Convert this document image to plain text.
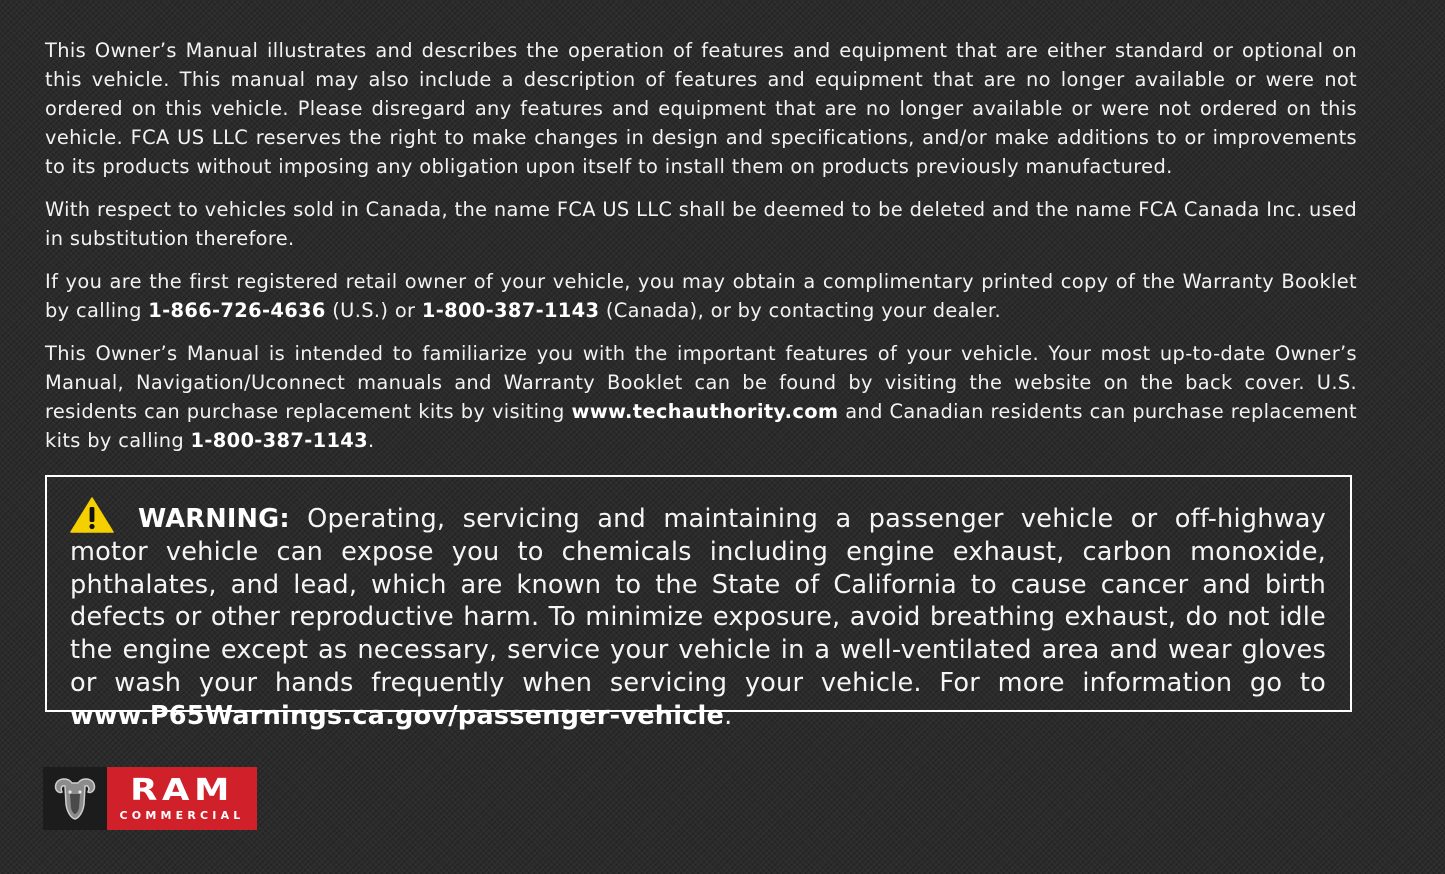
This Owner’s Manual illustrates and describes the operation of features and equipment that are either standard or optional on this vehicle. This manual may also include a description of features and equipment that are no longer available or were not ordered on this vehicle. Please disregard any features and equipment that are no longer available or were not ordered on this vehicle. FCA US LLC reserves the right to make changes in design and specifications, and/or make additions to or improvements to its products without imposing any obligation upon itself to install them on products previously manufactured.

With respect to vehicles sold in Canada, the name FCA US LLC shall be deemed to be deleted and the name FCA Canada Inc. used in substitution therefore.

If you are the first registered retail owner of your vehicle, you may obtain a complimentary printed copy of the Warranty Booklet by calling 1-866-726-4636 (U.S.) or 1-800-387-1143 (Canada), or by contacting your dealer.

This Owner’s Manual is intended to familiarize you with the important features of your vehicle. Your most up-to-date Owner’s Manual, Navigation/Uconnect manuals and Warranty Booklet can be found by visiting the website on the back cover. U.S. residents can purchase replacement kits by visiting www.techauthority.com and Canadian residents can purchase replacement kits by calling 1-800-387-1143.

WARNING: Operating, servicing and maintaining a passenger vehicle or off-highway motor vehicle can expose you to chemicals including engine exhaust, carbon monoxide, phthalates, and lead, which are known to the State of California to cause cancer and birth defects or other reproductive harm. To minimize exposure, avoid breathing exhaust, do not idle the engine except as necessary, service your vehicle in a well-ventilated area and wear gloves or wash your hands frequently when servicing your vehicle. For more information go to www.P65Warnings.ca.gov/passenger-vehicle.

RAM
COMMERCIAL
